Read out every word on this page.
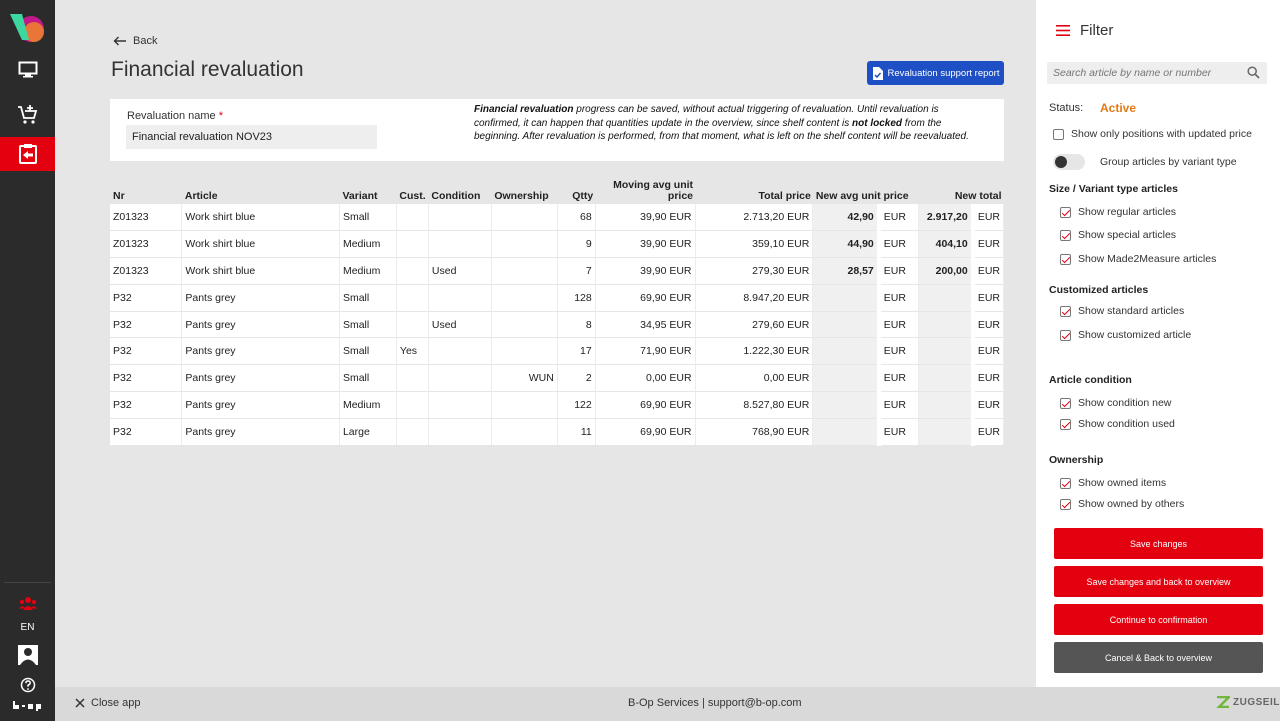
EN
Back
Financial revaluation	Revaluation support report
Revaluation name *
Financial revaluation NOV23
Financial revaluation progress can be saved, without actual triggering of revaluation. Until revaluation is confirmed, it can happen that quantities update in the overview, since shelf content is not locked from the beginning. After revaluation is performed, from that moment, what is left on the shelf content will be reevaluated.
Nr	Article	Variant	Cust.	Condition	Ownership	Qtty	Moving avg unit price	Total price	New avg unit price		New total	
Z01323	Work shirt blue	Small				68	39,90 EUR	2.713,20 EUR	42,90	EUR	2.917,20	EUR
Z01323	Work shirt blue	Medium				9	39,90 EUR	359,10 EUR	44,90	EUR	404,10	EUR
Z01323	Work shirt blue	Medium		Used		7	39,90 EUR	279,30 EUR	28,57	EUR	200,00	EUR
P32	Pants grey	Small				128	69,90 EUR	8.947,20 EUR		EUR		EUR
P32	Pants grey	Small		Used		8	34,95 EUR	279,60 EUR		EUR		EUR
P32	Pants grey	Small	Yes			17	71,90 EUR	1.222,30 EUR		EUR		EUR
P32	Pants grey	Small			WUN	2	0,00 EUR	0,00 EUR		EUR		EUR
P32	Pants grey	Medium				122	69,90 EUR	8.527,80 EUR		EUR		EUR
P32	Pants grey	Large				11	69,90 EUR	768,90 EUR		EUR		EUR
Filter
Search article by name or number
Status: Active
Show only positions with updated price
Group articles by variant type
Size / Variant type articles
Show regular articles
Show special articles
Show Made2Measure articles
Customized articles
Show standard articles
Show customized article
Article condition
Show condition new
Show condition used
Ownership
Show owned items
Show owned by others
Save changes
Save changes and back to overview
Continue to confirmation
Cancel & Back to overview
Close app	B-Op Services | support@b-op.com	ZUGSEIL
